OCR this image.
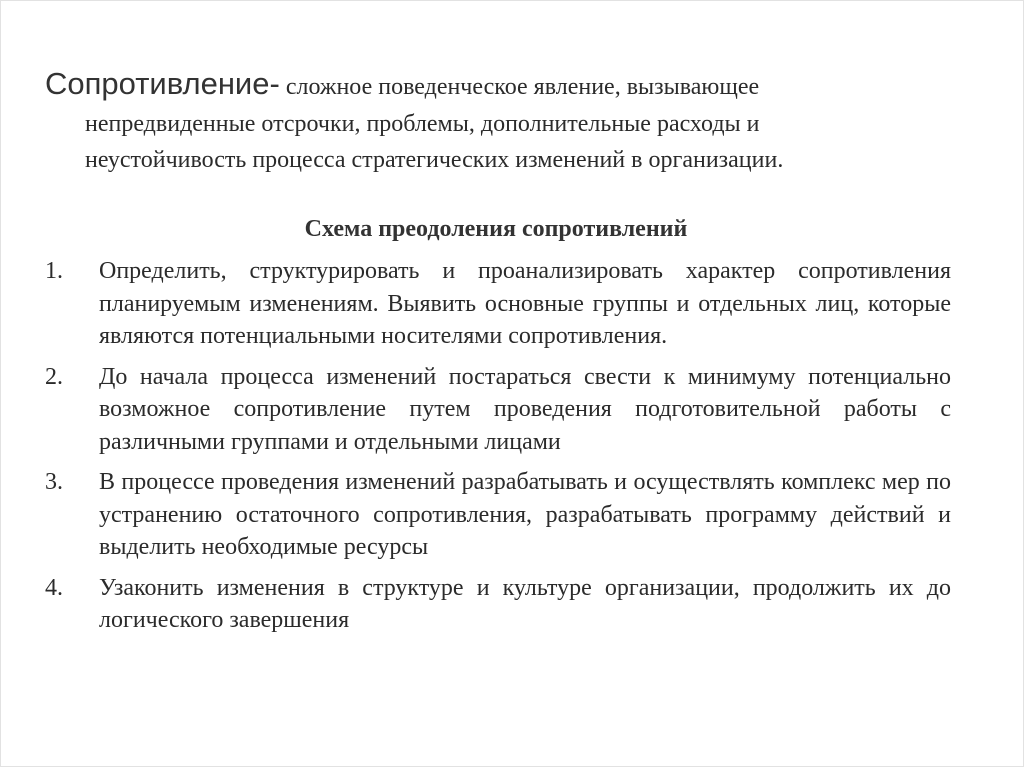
Сопротивление- сложное поведенческое явление, вызывающее
непредвиденные отсрочки, проблемы, дополнительные расходы и
неустойчивость процесса стратегических изменений в организации.
Схема преодоления сопротивлений
1. Определить, структурировать и проанализировать характер сопротивления планируемым изменениям. Выявить основные группы и отдельных лиц, которые являются потенциальными носителями сопротивления.
2. До начала процесса изменений постараться свести к минимуму потенциально возможное сопротивление путем проведения подготовительной работы с различными группами и отдельными лицами
3. В процессе проведения изменений разрабатывать и осуществлять комплекс мер по устранению остаточного сопротивления, разрабатывать программу действий и выделить необходимые ресурсы
4. Узаконить изменения в структуре и культуре организации, продолжить их до логического завершения
